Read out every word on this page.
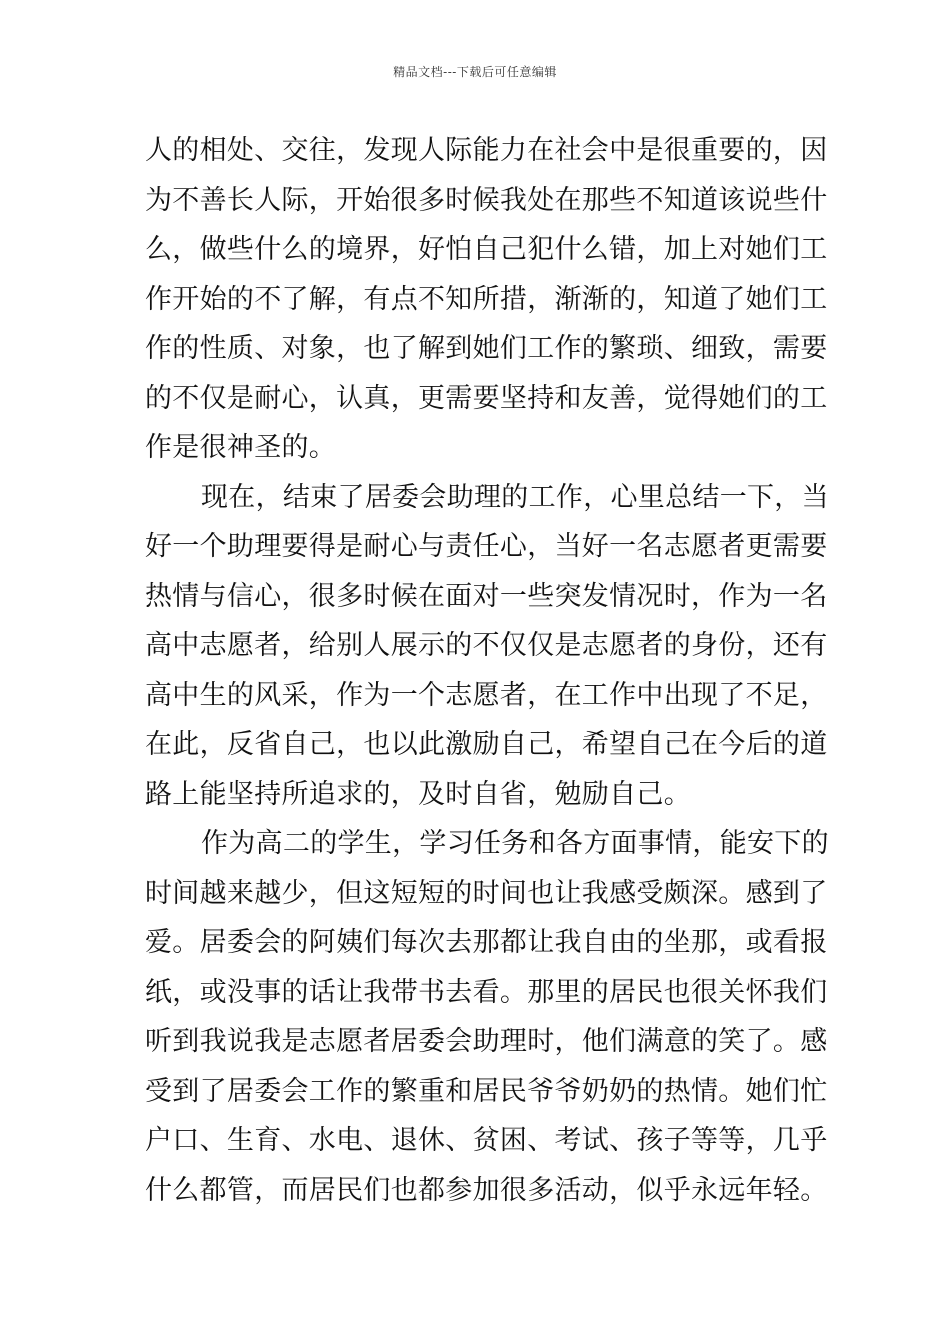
精品文档---下载后可任意编辑
人的相处、交往，发现人际能力在社会中是很重要的，因
为不善长人际，开始很多时候我处在那些不知道该说些什
么，做些什么的境界，好怕自己犯什么错，加上对她们工
作开始的不了解，有点不知所措，渐渐的，知道了她们工
作的性质、对象，也了解到她们工作的繁琐、细致，需要
的不仅是耐心，认真，更需要坚持和友善，觉得她们的工
作是很神圣的。
现在，结束了居委会助理的工作，心里总结一下，当
好一个助理要得是耐心与责任心，当好一名志愿者更需要
热情与信心，很多时候在面对一些突发情况时，作为一名
高中志愿者，给别人展示的不仅仅是志愿者的身份，还有
高中生的风采，作为一个志愿者，在工作中出现了不足，
在此，反省自己，也以此激励自己，希望自己在今后的道
路上能坚持所追求的，及时自省，勉励自己。
作为高二的学生，学习任务和各方面事情，能安下的
时间越来越少，但这短短的时间也让我感受颇深。感到了
爱。居委会的阿姨们每次去那都让我自由的坐那，或看报
纸，或没事的话让我带书去看。那里的居民也很关怀我们
听到我说我是志愿者居委会助理时，他们满意的笑了。感
受到了居委会工作的繁重和居民爷爷奶奶的热情。她们忙
户口、生育、水电、退休、贫困、考试、孩子等等，几乎
什么都管，而居民们也都参加很多活动，似乎永远年轻。
